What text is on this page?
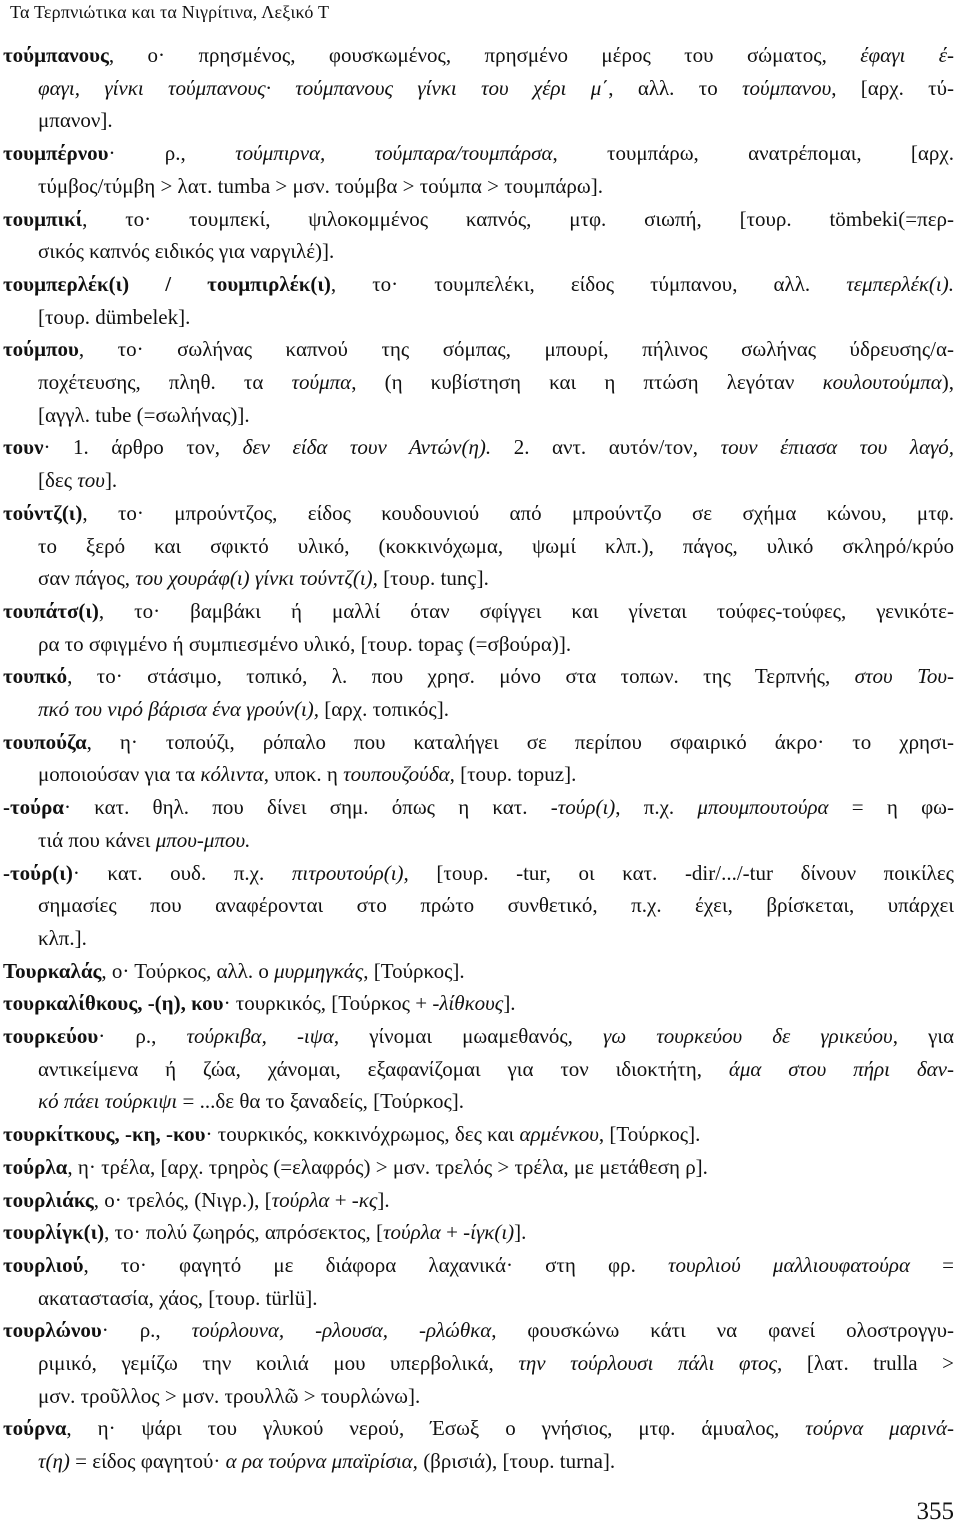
Τα Τερπνιώτικα και τα Νιγρίτινα, Λεξικό Τ
τούμπανους, ο· πρησμένος, φουσκωμένος, πρησμένο μέρος του σώματος, έφαγι έ-
φαγι, γίνκι τούμπανους· τούμπανους γίνκι του χέρι μ΄, αλλ. το τούμπανου, [αρχ. τύ-
μπανον].
τουμπέρνου· ρ., τούμπιρνα, τούμπαρα/τουμπάρσα, τουμπάρω, ανατρέπομαι, [αρχ.
τύμβος/τύμβη > λατ. tumba > μσν. τούμβα > τούμπα > τουμπάρω].
τουμπικί, το· τουμπεκί, ψιλοκομμένος καπνός, μτφ. σιωπή, [τουρ. tömbeki(=περ-
σικός καπνός ειδικός για ναργιλέ)].
τουμπερλέκ(ι) / τουμπιρλέκ(ι), το· τουμπελέκι, είδος τύμπανου, αλλ. τεμπερλέκ(ι).
[τουρ. dümbelek].
τούμπου, το· σωλήνας καπνού της σόμπας, μπουρί, πήλινος σωλήνας ύδρευσης/α-
ποχέτευσης, πληθ. τα τούμπα, (η κυβίστηση και η πτώση λεγόταν κουλουτούμπα),
[αγγλ. tube (=σωλήνας)].
τουν· 1. άρθρο τον, δεν είδα τουν Αντών(η). 2. αντ. αυτόν/τον, τουν έπιασα του λαγό,
[δες του].
τούντζ(ι), το· μπρούντζος, είδος κουδουνιού από μπρούντζο σε σχήμα κώνου, μτφ.
το ξερό και σφικτό υλικό, (κοκκινόχωμα, ψωμί κλπ.), πάγος, υλικό σκληρό/κρύο
σαν πάγος, του χουράφ(ι) γίνκι τούντζ(ι), [τουρ. tunç].
τουπάτσ(ι), το· βαμβάκι ή μαλλί όταν σφίγγει και γίνεται τούφες-τούφες, γενικότε-
ρα το σφιγμένο ή συμπιεσμένο υλικό, [τουρ. topaç (=σβούρα)].
τουπκό, το· στάσιμο, τοπικό, λ. που χρησ. μόνο στα τοπων. της Τερπνής, στου Του-
πκό του νιρό βάρισα ένα γρούν(ι), [αρχ. τοπικός].
τουπούζα, η· τοπούζι, ρόπαλο που καταλήγει σε περίπου σφαιρικό άκρο· το χρησι-
μοποιούσαν για τα κόλιντα, υποκ. η τουπουζούδα, [τουρ. topuz].
-τούρα· κατ. θηλ. που δίνει σημ. όπως η κατ. -τούρ(ι), π.χ. μπουμπουτούρα = η φω-
τιά που κάνει μπου-μπου.
-τούρ(ι)· κατ. ουδ. π.χ. πιτρουτούρ(ι), [τουρ. -tur, οι κατ. -dir/.../-tur δίνουν ποικίλες
σημασίες που αναφέρονται στο πρώτο συνθετικό, π.χ. έχει, βρίσκεται, υπάρχει
κλπ.].
Τουρκαλάς, ο· Τούρκος, αλλ. ο μυρμηγκάς, [Τούρκος].
τουρκαλίθκους, -(η), κου· τουρκικός, [Τούρκος + -λίθκους].
τουρκεύου· ρ., τούρκιβα, -ιψα, γίνομαι μωαμεθανός, γω τουρκεύου δε γρικεύου, για
αντικείμενα ή ζώα, χάνομαι, εξαφανίζομαι για τον ιδιοκτήτη, άμα στου πήρι δαν-
κό πάει τούρκιψι = ...δε θα το ξαναδείς, [Τούρκος].
τουρκίτκους, -κη, -κου· τουρκικός, κοκκινόχρωμος, δες και αρμένκου, [Τούρκος].
τούρλα, η· τρέλα, [αρχ. τρηρὸς (=ελαφρός) > μσν. τρελός > τρέλα, με μετάθεση ρ].
τουρλιάκς, ο· τρελός, (Νιγρ.), [τούρλα + -κς].
τουρλίγκ(ι), το· πολύ ζωηρός, απρόσεκτος, [τούρλα + -ίγκ(ι)].
τουρλιού, το· φαγητό με διάφορα λαχανικά· στη φρ. τουρλιού μαλλιουφατούρα =
ακαταστασία, χάος, [τουρ. türlü].
τουρλώνου· ρ., τούρλουνα, -ρλουσα, -ρλώθκα, φουσκώνω κάτι να φανεί ολοστρογγυ-
ριμικό, γεμίζω την κοιλιά μου υπερβολικά, την τούρλουσι πάλι φτος, [λατ. trulla >
μσν. τροῦλλος > μσν. τρουλλῶ > τουρλώνω].
τούρνα, η· ψάρι του γλυκού νερού, Έσωξ ο γνήσιος, μτφ. άμυαλος, τούρνα μαρινά-
τ(η) = είδος φαγητού· α ρα τούρνα μπαϊρίσια, (βρισιά), [τουρ. turna].
355
